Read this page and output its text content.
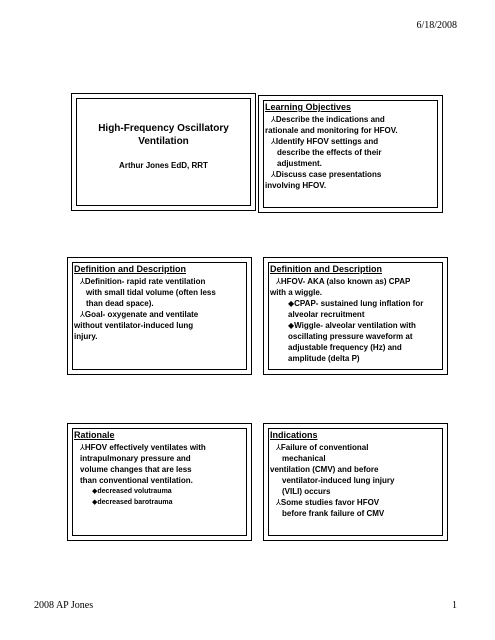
6/18/2008
High-Frequency Oscillatory
Ventilation
Arthur Jones EdD, RRT
Learning Objectives
⅄Describe the indications and
rationale and monitoring for HFOV.
⅄Identify HFOV settings and
describe the effects of their
adjustment.
⅄Discuss case presentations
involving HFOV.
Definition and Description
⅄Definition- rapid rate ventilation
with small tidal volume (often less
than dead space).
⅄Goal- oxygenate and ventilate
without ventilator-induced lung
injury.
Definition and Description
⅄HFOV- AKA (also known as) CPAP
with a wiggle.
◆CPAP- sustained lung inflation for
alveolar recruitment
◆Wiggle- alveolar ventilation with
oscillating pressure waveform at
adjustable frequency (Hz) and
amplitude (delta P)
Rationale
⅄HFOV effectively ventilates with
intrapulmonary pressure and
volume changes that are less
than conventional ventilation.
◆decreased volutrauma
◆decreased barotrauma
Indications
⅄Failure of conventional
mechanical
ventilation (CMV) and before
ventilator-induced lung injury
(VILI) occurs
⅄Some studies favor HFOV
before frank failure of CMV
2008 AP Jones	1
